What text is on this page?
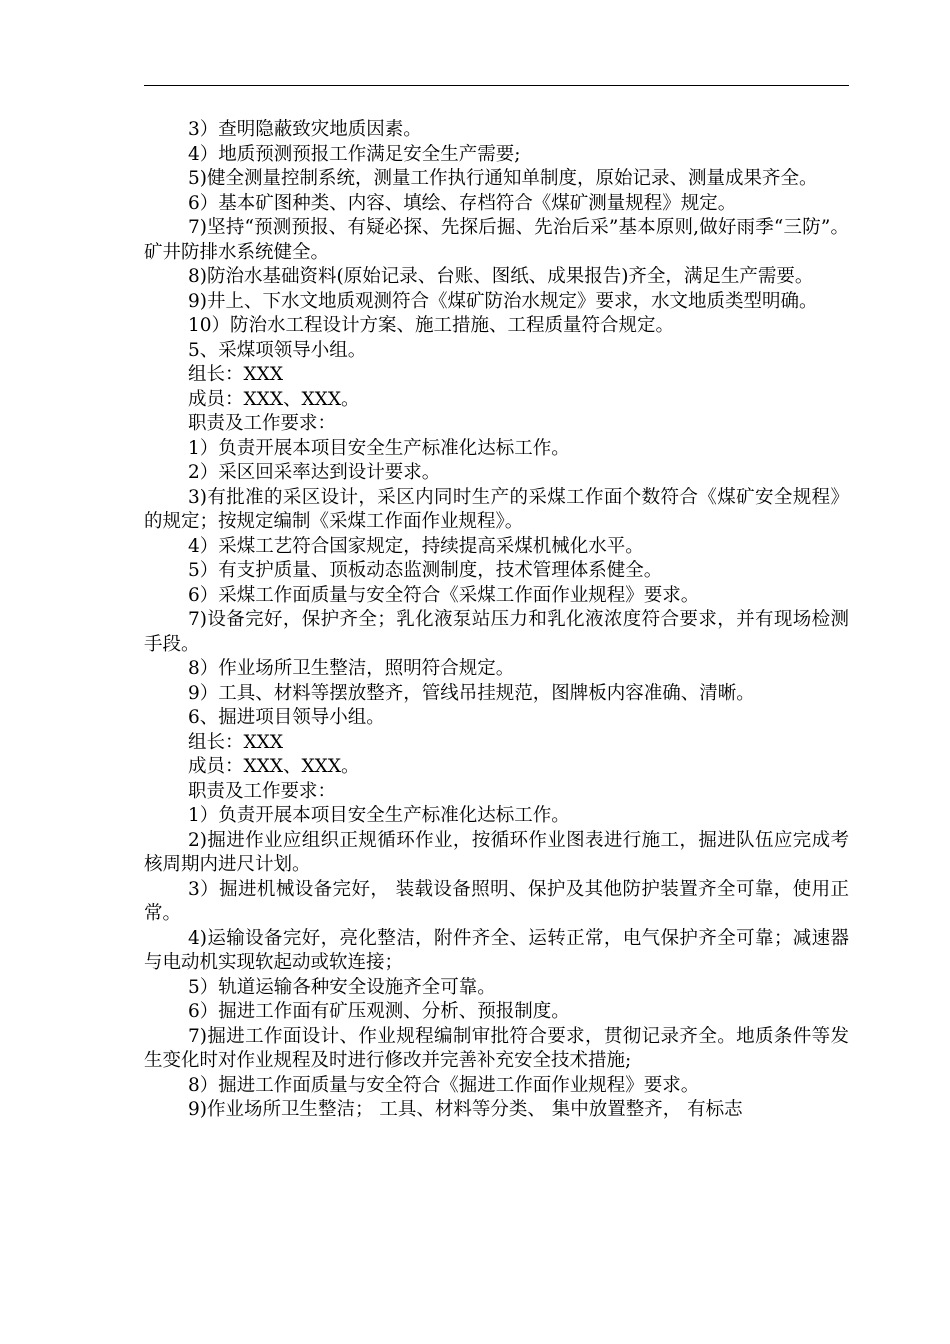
3）查明隐蔽致灾地质因素。

4）地质预测预报工作满足安全生产需要;

5)健全测量控制系统，测量工作执行通知单制度，原始记录、测量成果齐全。

6）基本矿图种类、内容、填绘、存档符合《煤矿测量规程》规定。

7)坚持“预测预报、有疑必探、先探后掘、先治后采”基本原则,做好雨季“三防”。矿井防排水系统健全。

8)防治水基础资料(原始记录、台账、图纸、成果报告)齐全，满足生产需要。

9)井上、下水文地质观测符合《煤矿防治水规定》要求，水文地质类型明确。

10）防治水工程设计方案、施工措施、工程质量符合规定。

5、采煤项领导小组。

组长：XXX

成员：XXX、XXX。

职责及工作要求：

1）负责开展本项目安全生产标准化达标工作。

2）采区回采率达到设计要求。

3)有批准的采区设计，采区内同时生产的采煤工作面个数符合《煤矿安全规程》的规定；按规定编制《采煤工作面作业规程》。

4）采煤工艺符合国家规定，持续提高采煤机械化水平。

5）有支护质量、顶板动态监测制度，技术管理体系健全。

6）采煤工作面质量与安全符合《采煤工作面作业规程》要求。

7)设备完好，保护齐全；乳化液泵站压力和乳化液浓度符合要求，并有现场检测手段。

8）作业场所卫生整洁，照明符合规定。

9）工具、材料等摆放整齐，管线吊挂规范，图牌板内容准确、清晰。

6、掘进项目领导小组。

组长：XXX

成员：XXX、XXX。

职责及工作要求：

1）负责开展本项目安全生产标准化达标工作。

2)掘进作业应组织正规循环作业，按循环作业图表进行施工，掘进队伍应完成考核周期内进尺计划。

3）掘进机械设备完好， 装载设备照明、保护及其他防护装置齐全可靠，使用正常。

4)运输设备完好，亮化整洁，附件齐全、运转正常，电气保护齐全可靠；减速器与电动机实现软起动或软连接；

5）轨道运输各种安全设施齐全可靠。

6）掘进工作面有矿压观测、分析、预报制度。

7)掘进工作面设计、作业规程编制审批符合要求，贯彻记录齐全。地质条件等发生变化时对作业规程及时进行修改并完善补充安全技术措施;

8）掘进工作面质量与安全符合《掘进工作面作业规程》要求。

9)作业场所卫生整洁； 工具、材料等分类、 集中放置整齐， 有标志
